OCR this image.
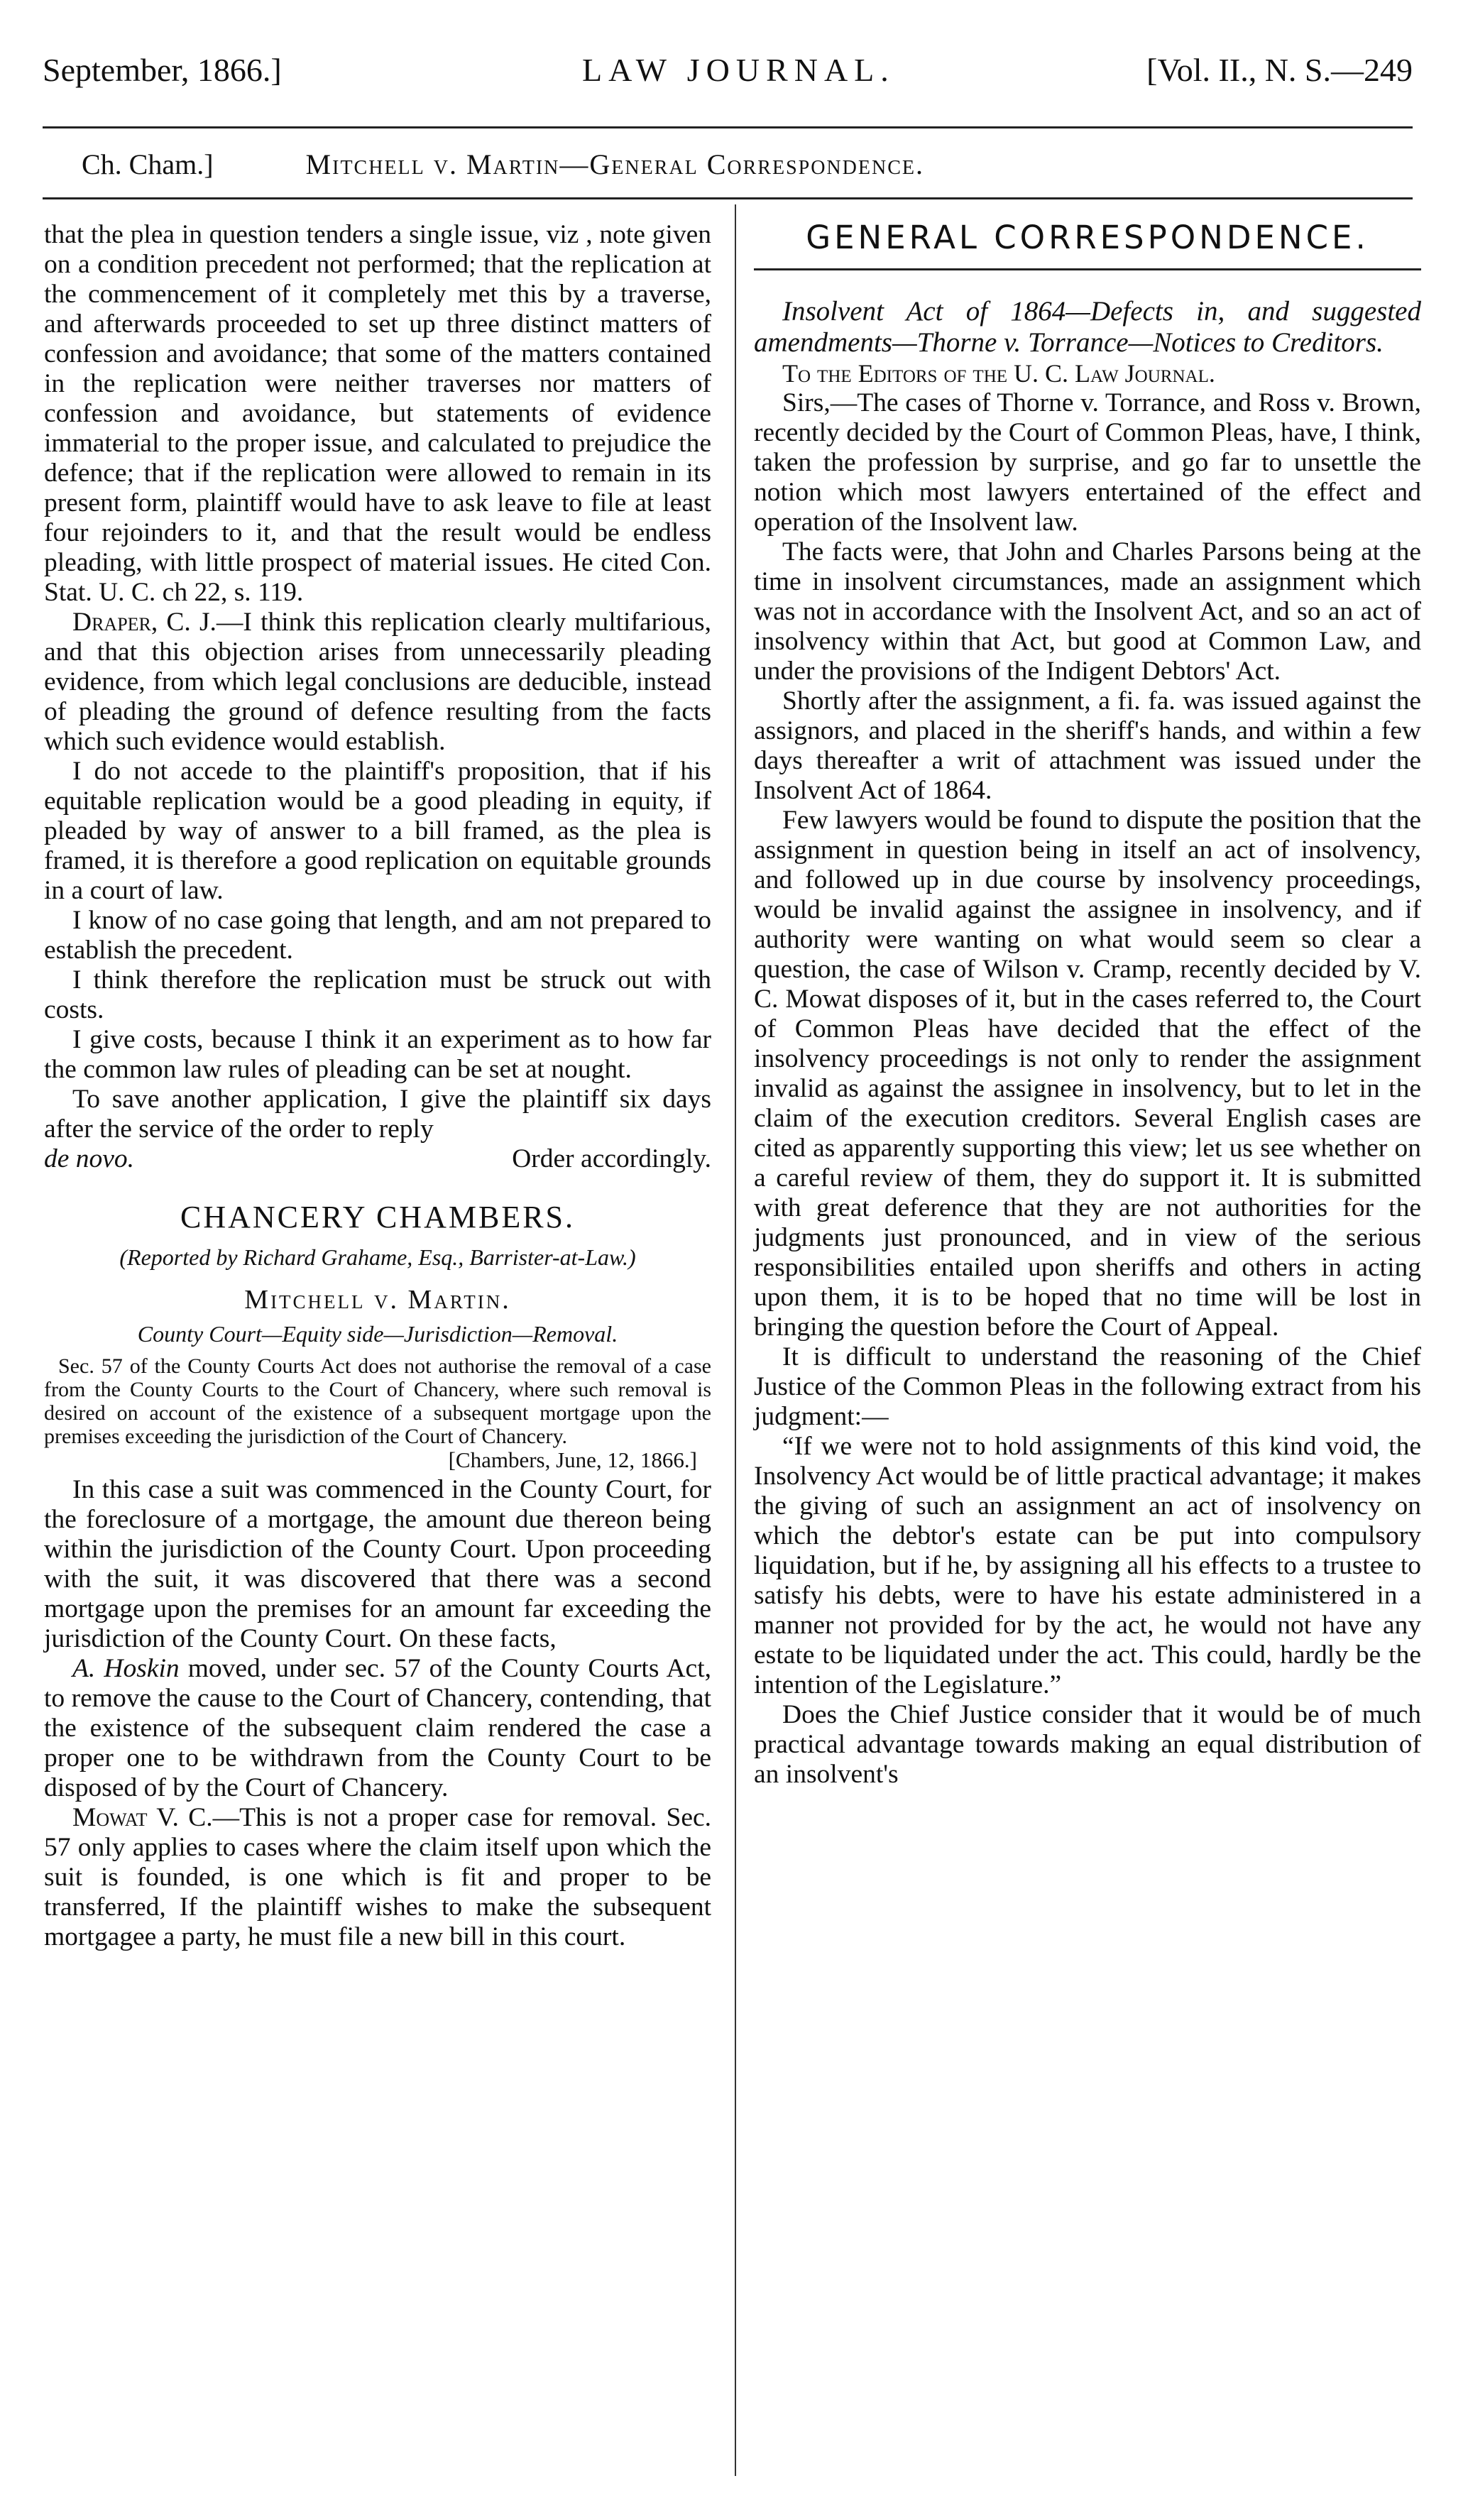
September, 1866.]	LAW JOURNAL.	[Vol. II., N. S.—249
Ch. Cham.]	Mitchell v. Martin—General Correspondence.

that the plea in question tenders a single issue, viz , note given on a condition precedent not performed; that the replication at the commencement of it completely met this by a traverse, and afterwards proceeded to set up three distinct matters of confession and avoidance; that some of the matters contained in the replication were neither traverses nor matters of confession and avoidance, but statements of evidence immaterial to the proper issue, and calculated to prejudice the defence; that if the replication were allowed to remain in its present form, plaintiff would have to ask leave to file at least four rejoinders to it, and that the result would be endless pleading, with little prospect of material issues. He cited Con. Stat. U. C. ch 22, s. 119.

Draper, C. J.—I think this replication clearly multifarious, and that this objection arises from unnecessarily pleading evidence, from which legal conclusions are deducible, instead of pleading the ground of defence resulting from the facts which such evidence would establish.

I do not accede to the plaintiff's proposition, that if his equitable replication would be a good pleading in equity, if pleaded by way of answer to a bill framed, as the plea is framed, it is therefore a good replication on equitable grounds in a court of law.

I know of no case going that length, and am not prepared to establish the precedent.

I think therefore the replication must be struck out with costs.

I give costs, because I think it an experiment as to how far the common law rules of pleading can be set at nought.

To save another application, I give the plaintiff six days after the service of the order to reply

de novo.	Order accordingly.
CHANCERY CHAMBERS.
(Reported by Richard Grahame, Esq., Barrister-at-Law.)
Mitchell v. Martin.
County Court—Equity side—Jurisdiction—Removal.

Sec. 57 of the County Courts Act does not authorise the removal of a case from the County Courts to the Court of Chancery, where such removal is desired on account of the existence of a subsequent mortgage upon the premises exceeding the jurisdiction of the Court of Chancery.

[Chambers, June, 12, 1866.]

In this case a suit was commenced in the County Court, for the foreclosure of a mortgage, the amount due thereon being within the jurisdiction of the County Court. Upon proceeding with the suit, it was discovered that there was a second mortgage upon the premises for an amount far exceeding the jurisdiction of the County Court. On these facts,

A. Hoskin moved, under sec. 57 of the County Courts Act, to remove the cause to the Court of Chancery, contending, that the existence of the subsequent claim rendered the case a proper one to be withdrawn from the County Court to be disposed of by the Court of Chancery.

Mowat V. C.—This is not a proper case for removal. Sec. 57 only applies to cases where the claim itself upon which the suit is founded, is one which is fit and proper to be transferred, If the plaintiff wishes to make the subsequent mortgagee a party, he must file a new bill in this court.

GENERAL CORRESPONDENCE.

Insolvent Act of 1864—Defects in, and suggested amendments—Thorne v. Torrance—Notices to Creditors.

To the Editors of the U. C. Law Journal.

Sirs,—The cases of Thorne v. Torrance, and Ross v. Brown, recently decided by the Court of Common Pleas, have, I think, taken the profession by surprise, and go far to unsettle the notion which most lawyers entertained of the effect and operation of the Insolvent law.

The facts were, that John and Charles Parsons being at the time in insolvent circumstances, made an assignment which was not in accordance with the Insolvent Act, and so an act of insolvency within that Act, but good at Common Law, and under the provisions of the Indigent Debtors' Act.

Shortly after the assignment, a fi. fa. was issued against the assignors, and placed in the sheriff's hands, and within a few days thereafter a writ of attachment was issued under the Insolvent Act of 1864.

Few lawyers would be found to dispute the position that the assignment in question being in itself an act of insolvency, and followed up in due course by insolvency proceedings, would be invalid against the assignee in insolvency, and if authority were wanting on what would seem so clear a question, the case of Wilson v. Cramp, recently decided by V. C. Mowat disposes of it, but in the cases referred to, the Court of Common Pleas have decided that the effect of the insolvency proceedings is not only to render the assignment invalid as against the assignee in insolvency, but to let in the claim of the execution creditors. Several English cases are cited as apparently supporting this view; let us see whether on a careful review of them, they do support it. It is submitted with great deference that they are not authorities for the judgments just pronounced, and in view of the serious responsibilities entailed upon sheriffs and others in acting upon them, it is to be hoped that no time will be lost in bringing the question before the Court of Appeal.

It is difficult to understand the reasoning of the Chief Justice of the Common Pleas in the following extract from his judgment:—

“If we were not to hold assignments of this kind void, the Insolvency Act would be of little practical advantage; it makes the giving of such an assignment an act of insolvency on which the debtor's estate can be put into compulsory liquidation, but if he, by assigning all his effects to a trustee to satisfy his debts, were to have his estate administered in a manner not provided for by the act, he would not have any estate to be liquidated under the act. This could, hardly be the intention of the Legislature.”

Does the Chief Justice consider that it would be of much practical advantage towards making an equal distribution of an insolvent's
